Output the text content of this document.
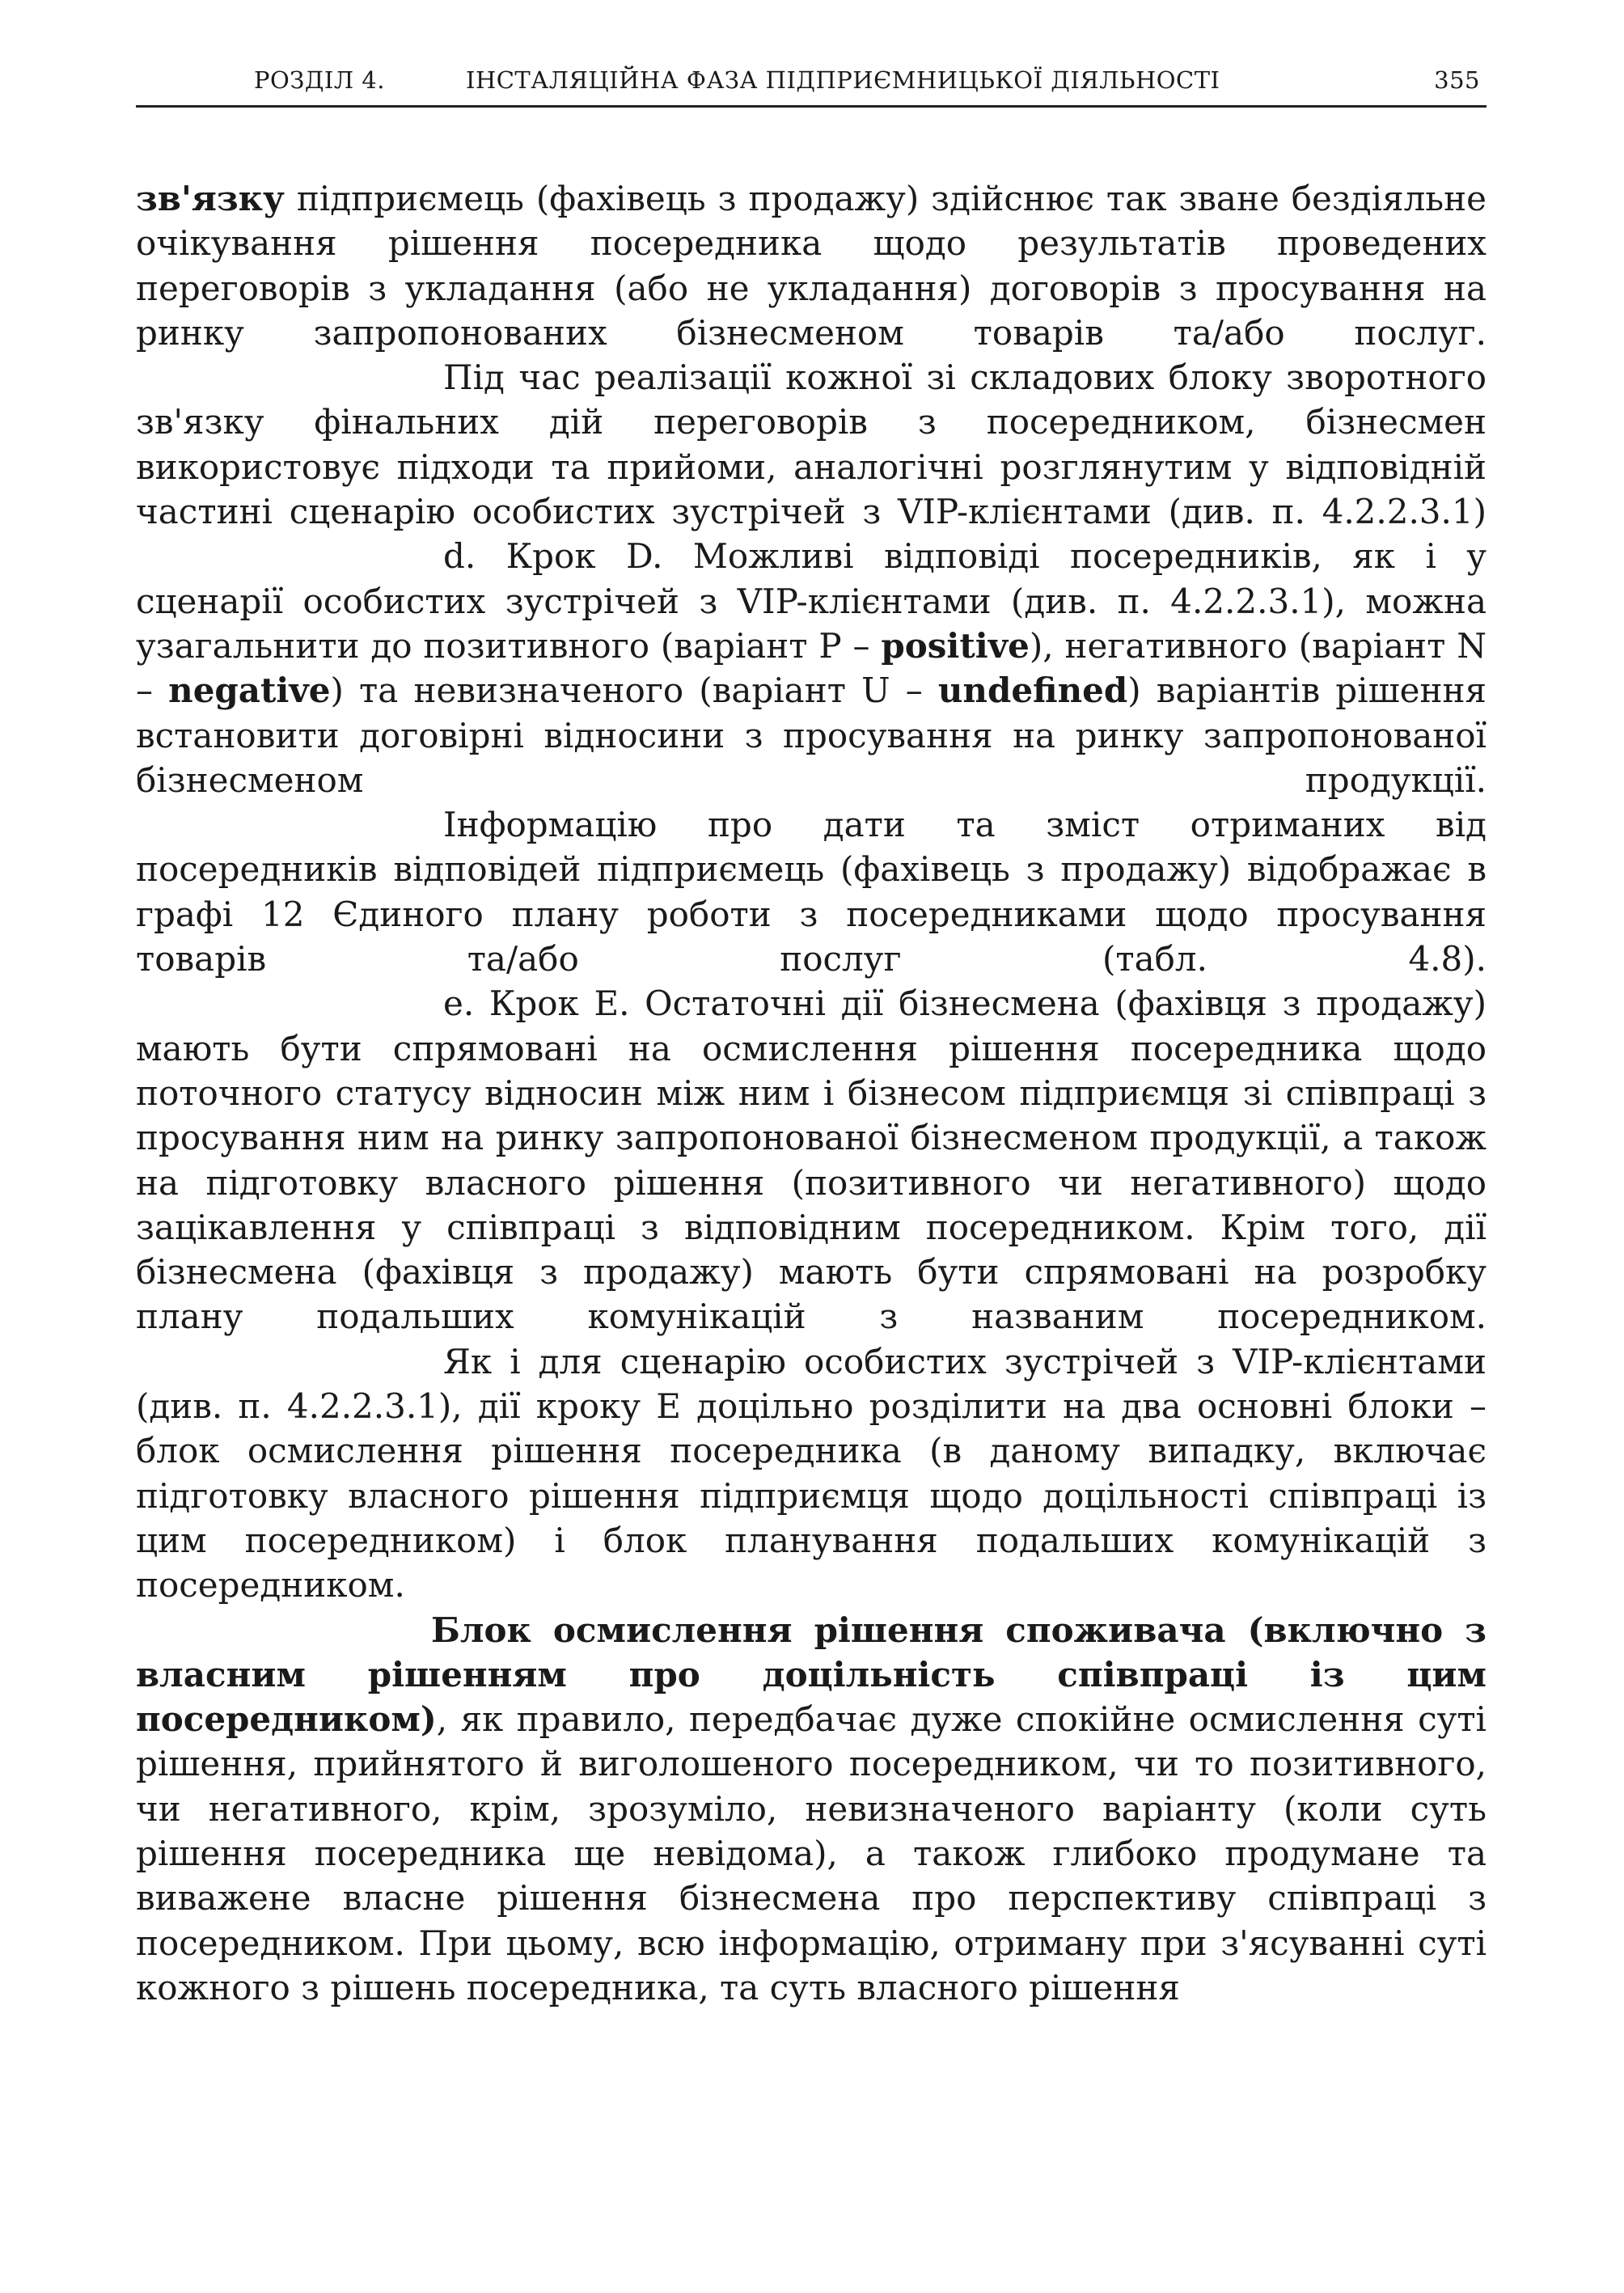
РОЗДІЛ 4.	ІНСТАЛЯЦІЙНА ФАЗА ПІДПРИЄМНИЦЬКОЇ ДІЯЛЬНОСТІ	355

зв'язку підприємець (фахівець з продажу) здійснює так зване бездіяльне очікування рішення посередника щодо результатів проведених переговорів з укладання (або не укладання) договорів з просування на ринку запропонованих бізнесменом товарів та/або послуг.

Під час реалізації кожної зі складових блоку зворотного зв'язку фінальних дій переговорів з посередником, бізнесмен використовує підходи та прийоми, аналогічні розглянутим у відповідній частині сценарію особистих зустрічей з VIP-клієнтами (див. п. 4.2.2.3.1)

d. Крок D. Можливі відповіді посередників, як і у сценарії особистих зустрічей з VIP-клієнтами (див. п. 4.2.2.3.1), можна узагальнити до позитивного (варіант Р – positive), негативного (варіант N – negative) та невизначеного (варіант U – undefined) варіантів рішення встановити договірні відносини з просування на ринку запропонованої бізнесменом продукції.

Інформацію про дати та зміст отриманих від посередників відповідей підприємець (фахівець з продажу) відображає в графі 12 Єдиного плану роботи з посередниками щодо просування товарів та/або послуг (табл. 4.8).

е. Крок Е. Остаточні дії бізнесмена (фахівця з продажу) мають бути спрямовані на осмислення рішення посередника щодо поточного статусу відносин між ним і бізнесом підприємця зі співпраці з просування ним на ринку запропонованої бізнесменом продукції, а також на підготовку власного рішення (позитивного чи негативного) щодо зацікавлення у співпраці з відповідним посередником. Крім того, дії бізнесмена (фахівця з продажу) мають бути спрямовані на розробку плану подальших комунікацій з названим посередником.

Як і для сценарію особистих зустрічей з VIP-клієнтами (див. п. 4.2.2.3.1), дії кроку Е доцільно розділити на два основні блоки – блок осмислення рішення посередника (в даному випадку, включає підготовку власного рішення підприємця щодо доцільності співпраці із цим посередником) і блок планування подальших комунікацій з посередником.

Блок осмислення рішення споживача (включно з власним рішенням про доцільність співпраці із цим посередником), як правило, передбачає дуже спокійне осмислення суті рішення, прийнятого й виголошеного посередником, чи то позитивного, чи негативного, крім, зрозуміло, невизначеного варіанту (коли суть рішення посередника ще невідома), а також глибоко продумане та виважене власне рішення бізнесмена про перспективу співпраці з посередником. При цьому, всю інформацію, отриману при з'ясуванні суті кожного з рішень посередника, та суть власного рішення
